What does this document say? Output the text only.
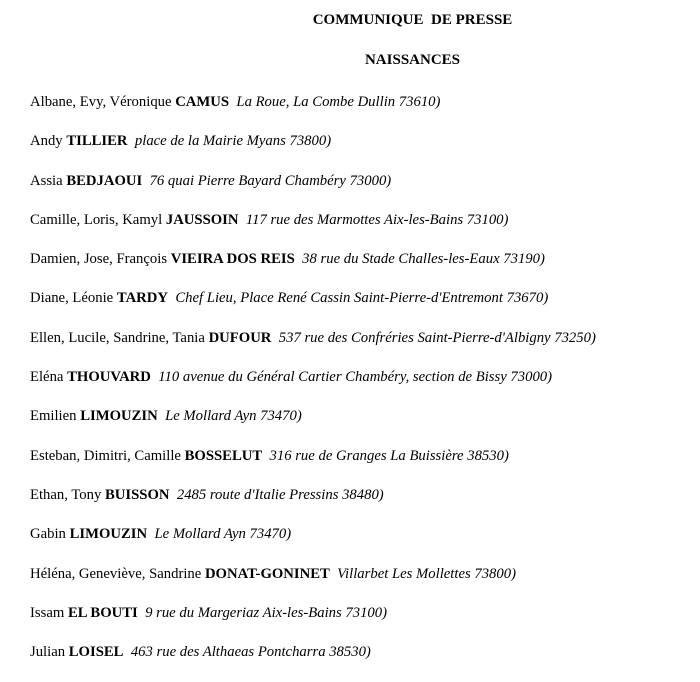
COMMUNIQUE  DE PRESSE
NAISSANCES
Albane, Evy, Véronique CAMUS La Roue, La Combe Dullin 73610)
Andy TILLIER place de la Mairie Myans 73800)
Assia BEDJAOUI 76 quai Pierre Bayard Chambéry 73000)
Camille, Loris, Kamyl JAUSSOIN 117 rue des Marmottes Aix-les-Bains 73100)
Damien, Jose, François VIEIRA DOS REIS 38 rue du Stade Challes-les-Eaux 73190)
Diane, Léonie TARDY Chef Lieu, Place René Cassin Saint-Pierre-d'Entremont 73670)
Ellen, Lucile, Sandrine, Tania DUFOUR 537 rue des Confréries Saint-Pierre-d'Albigny 73250)
Eléna THOUVARD 110 avenue du Général Cartier Chambéry, section de Bissy 73000)
Emilien LIMOUZIN Le Mollard Ayn 73470)
Esteban, Dimitri, Camille BOSSELUT 316 rue de Granges La Buissière 38530)
Ethan, Tony BUISSON 2485 route d'Italie Pressins 38480)
Gabin LIMOUZIN Le Mollard Ayn 73470)
Héléna, Geneviève, Sandrine DONAT-GONINET Villarbet Les Mollettes 73800)
Issam EL BOUTI 9 rue du Margeriaz Aix-les-Bains 73100)
Julian LOISEL 463 rue des Althaeas Pontcharra 38530)
